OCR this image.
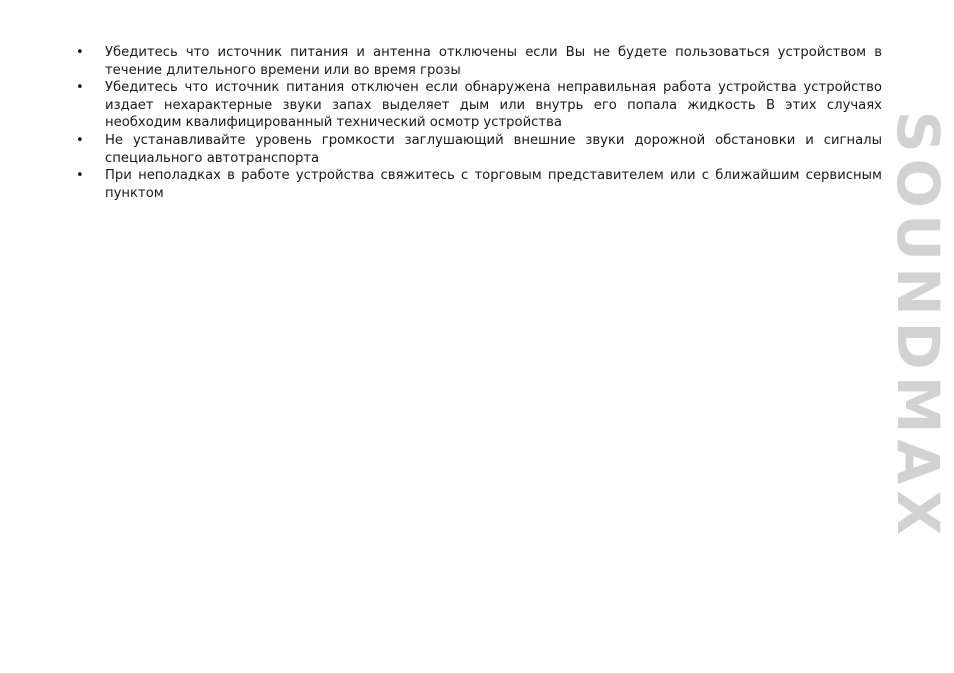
• Убедитесь что источник питания и антенна отключены если Вы не будете пользоваться устройством в течение длительного времени или во время грозы
• Убедитесь что источник питания отключен если обнаружена неправильная работа устройства устройство издает нехарактерные звуки запах выделяет дым или внутрь его попала жидкость В этих случаях необходим квалифицированный технический осмотр устройства
• Не устанавливайте уровень громкости заглушающий внешние звуки дорожной обстановки и сигналы специального автотранспорта
• При неполадках в работе устройства свяжитесь с торговым представителем или с ближайшим сервисным пунктом	SOUNDMAX
